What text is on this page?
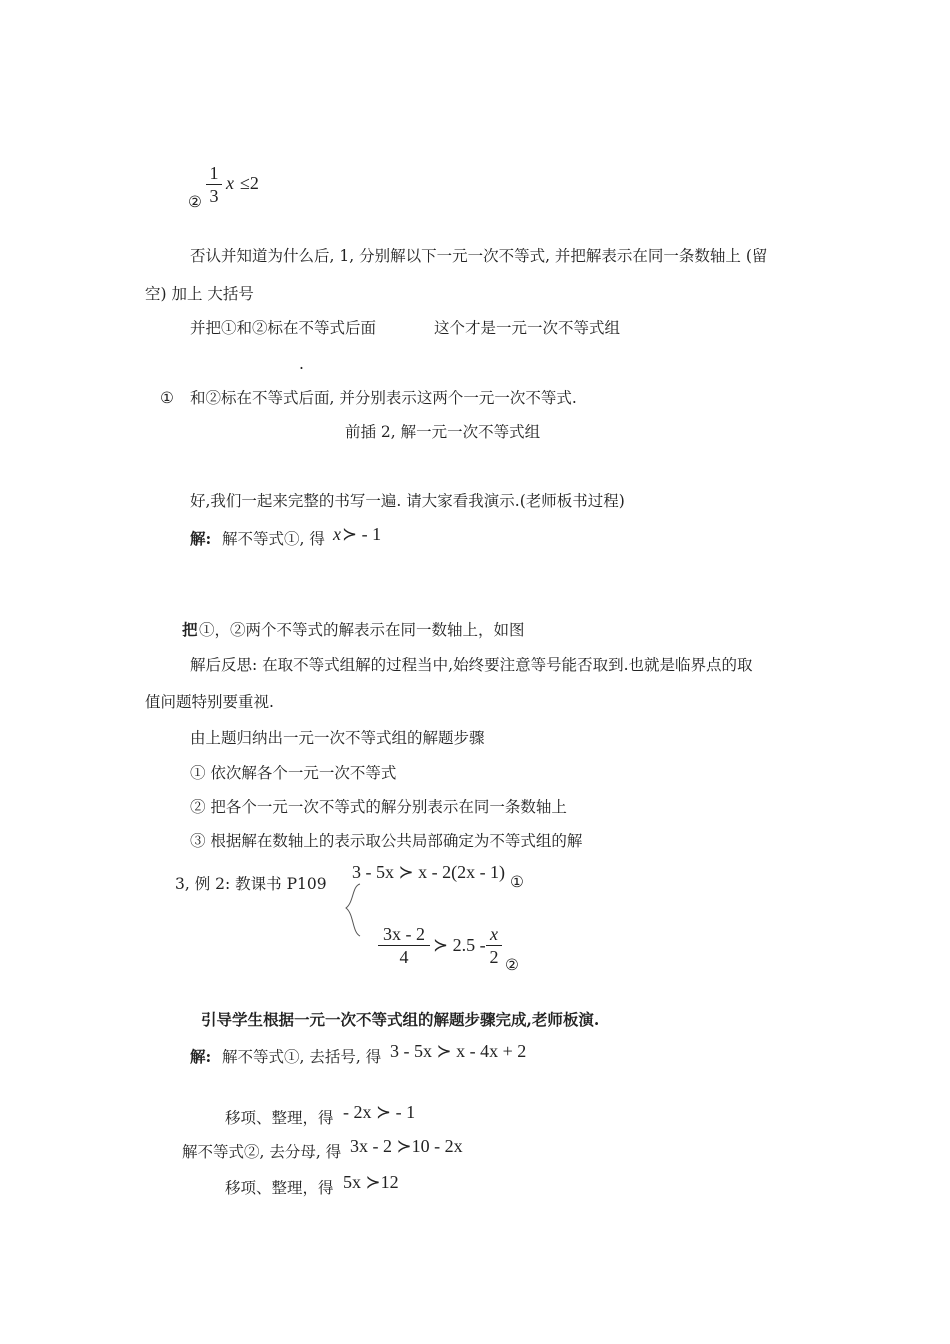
② $\frac{1}{3}$ x ≤2
否认并知道为什么后, 1, 分别解以下一元一次不等式, 并把解表示在同一条数轴上 (留
空) 加上 大括号
并把①和②标在不等式后面	这个才是一元一次不等式组
.
① 和②标在不等式后面, 并分别表示这两个一元一次不等式.
前插 2, 解一元一次不等式组
好,我们一起来完整的书写一遍. 请大家看我演示.(老师板书过程)
解: 解不等式①, 得 x ≻ - 1
把 ①，②两个不等式的解表示在同一数轴上，如图
解后反思: 在取不等式组解的过程当中,始终要注意等号能否取到.也就是临界点的取
值问题特别要重视.
由上题归纳出一元一次不等式组的解题步骤
① 依次解各个一元一次不等式
② 把各个一元一次不等式的解分别表示在同一条数轴上
③ 根据解在数轴上的表示取公共局部确定为不等式组的解
3, 例 2: 教课书 P109
3 - 5x ≻ x - 2(2x - 1) ①
$\frac{3x - 2}{4}$ ≻ $2.5 - \frac{x}{2}$ ②
引导学生根据一元一次不等式组的解题步骤完成,老师板演.
解: 解不等式①, 去括号, 得 3 - 5x ≻ x - 4x + 2
移项、整理，得 - 2x ≻ - 1
解不等式②, 去分母, 得 3x - 2 ≻10 - 2x
移项、整理，得 5x ≻12
